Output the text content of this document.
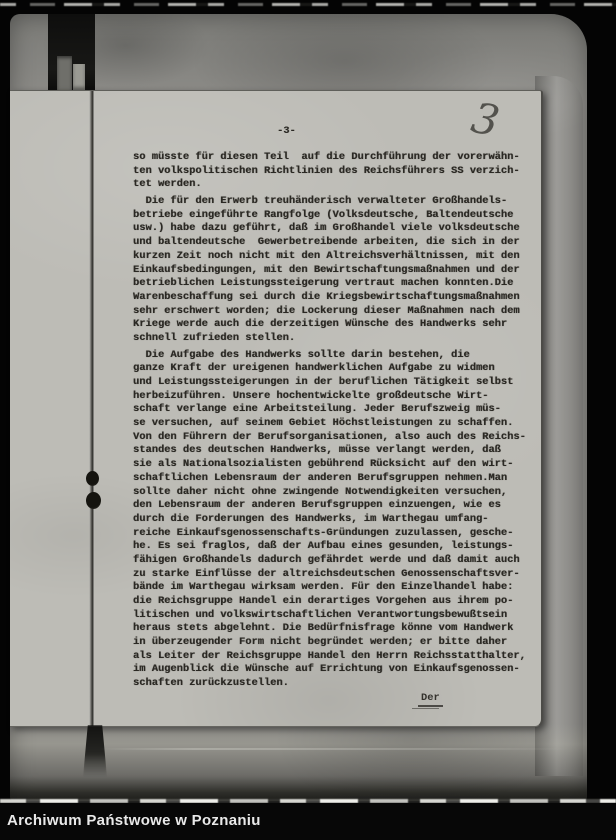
-3-	3
so müsste für diesen Teil  auf die Durchführung der vorerwähn-
ten volkspolitischen Richtlinien des Reichsführers SS verzich-
tet werden.
Die für den Erwerb treuhänderisch verwalteter Großhandels-
betriebe eingeführte Rangfolge (Volksdeutsche, Baltendeutsche
usw.) habe dazu geführt, daß im Großhandel viele volksdeutsche
und baltendeutsche  Gewerbetreibende arbeiten, die sich in der
kurzen Zeit noch nicht mit den Altreichsverhältnissen, mit den
Einkaufsbedingungen, mit den Bewirtschaftungsmaßnahmen und der
betrieblichen Leistungssteigerung vertraut machen konnten.Die
Warenbeschaffung sei durch die Kriegsbewirtschaftungsmaßnahmen
sehr erschwert worden; die Lockerung dieser Maßnahmen nach dem
Kriege werde auch die derzeitigen Wünsche des Handwerks sehr
schnell zufrieden stellen.
Die Aufgabe des Handwerks sollte darin bestehen, die
ganze Kraft der ureigenen handwerklichen Aufgabe zu widmen
und Leistungssteigerungen in der beruflichen Tätigkeit selbst
herbeizuführen. Unsere hochentwickelte großdeutsche Wirt-
schaft verlange eine Arbeitsteilung. Jeder Berufszweig müs-
se versuchen, auf seinem Gebiet Höchstleistungen zu schaffen.
Von den Führern der Berufsorganisationen, also auch des Reichs-
standes des deutschen Handwerks, müsse verlangt werden, daß
sie als Nationalsozialisten gebührend Rücksicht auf den wirt-
schaftlichen Lebensraum der anderen Berufsgruppen nehmen.Man
sollte daher nicht ohne zwingende Notwendigkeiten versuchen,
den Lebensraum der anderen Berufsgruppen einzuengen, wie es
durch die Forderungen des Handwerks, im Warthegau umfang-
reiche Einkaufsgenossenschafts-Gründungen zuzulassen, gesche-
he. Es sei fraglos, daß der Aufbau eines gesunden, leistungs-
fähigen Großhandels dadurch gefährdet werde und daß damit auch
zu starke Einflüsse der altreichsdeutschen Genossenschaftsver-
bände im Warthegau wirksam werden. Für den Einzelhandel habe:
die Reichsgruppe Handel ein derartiges Vorgehen aus ihrem po-
litischen und volkswirtschaftlichen Verantwortungsbewußtsein
heraus stets abgelehnt. Die Bedürfnisfrage könne vom Handwerk
in überzeugender Form nicht begründet werden; er bitte daher
als Leiter der Reichsgruppe Handel den Herrn Reichsstatthalter,
im Augenblick die Wünsche auf Errichtung von Einkaufsgenossen-
schaften zurückzustellen.
Der
Archiwum Państwowe w Poznaniu
